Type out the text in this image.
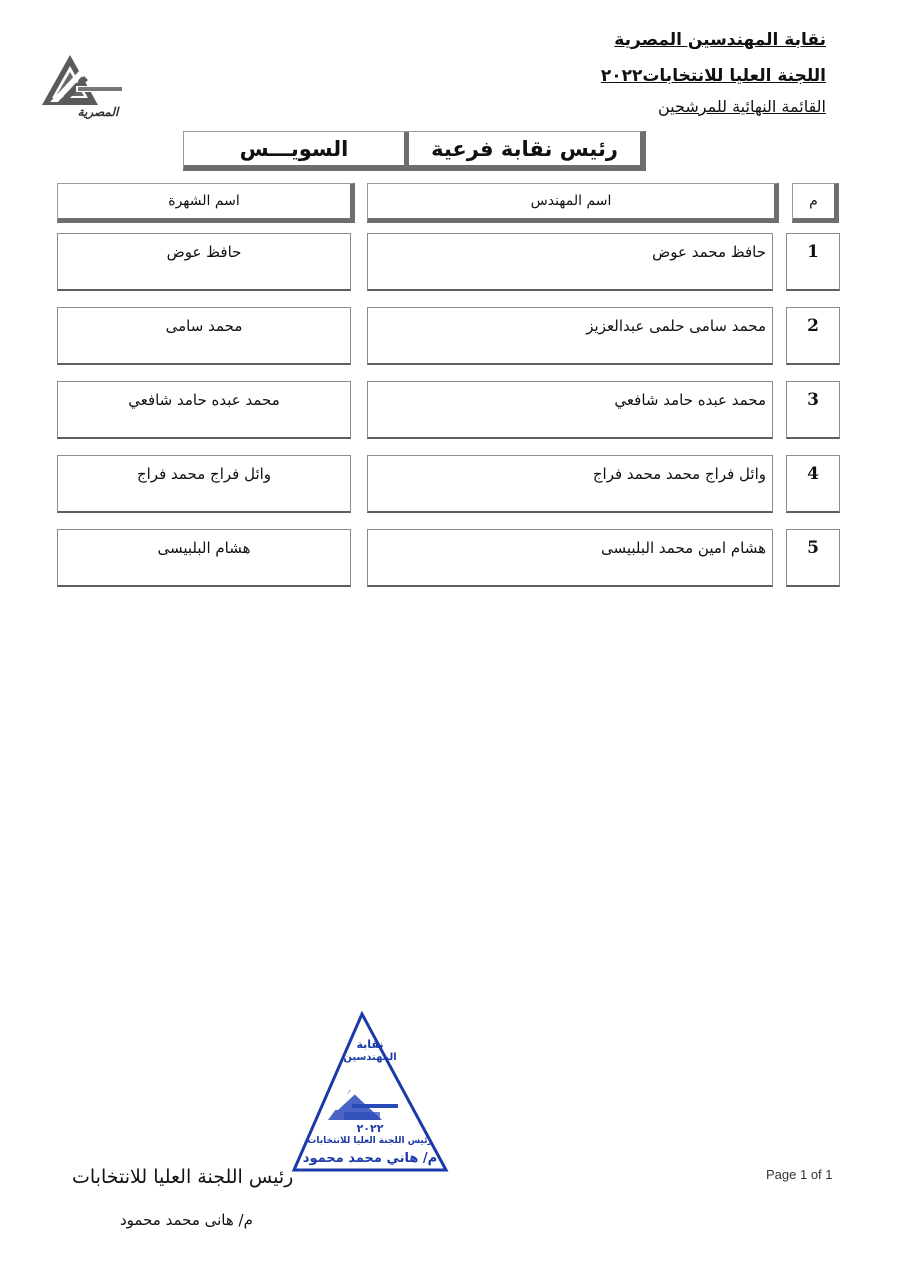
نقابة المهندسين المصرية
اللجنة العليا للانتخابات٢٠٢٢
القائمة النهائية للمرشحين
المصرية
رئيس نقابة فرعية
السويـــس
م
اسم المهندس
اسم الشهرة
1
حافظ محمد عوض
حافظ عوض
2
محمد سامى حلمى عبدالعزيز
محمد سامى
3
محمد عبده حامد شافعي
محمد عبده حامد شافعي
4
وائل فراج محمد محمد فراج
وائل فراج محمد فراج
5
هشام امين محمد البلبيسى
هشام البلبيسى
نقابة
المهندسين
٢٠٢٢
رئيس اللجنة العليا للانتخابات
م/ هاني محمد محمود
رئيس اللجنة العليا للانتخابات
م/ هانى محمد محمود
Page 1 of 1
